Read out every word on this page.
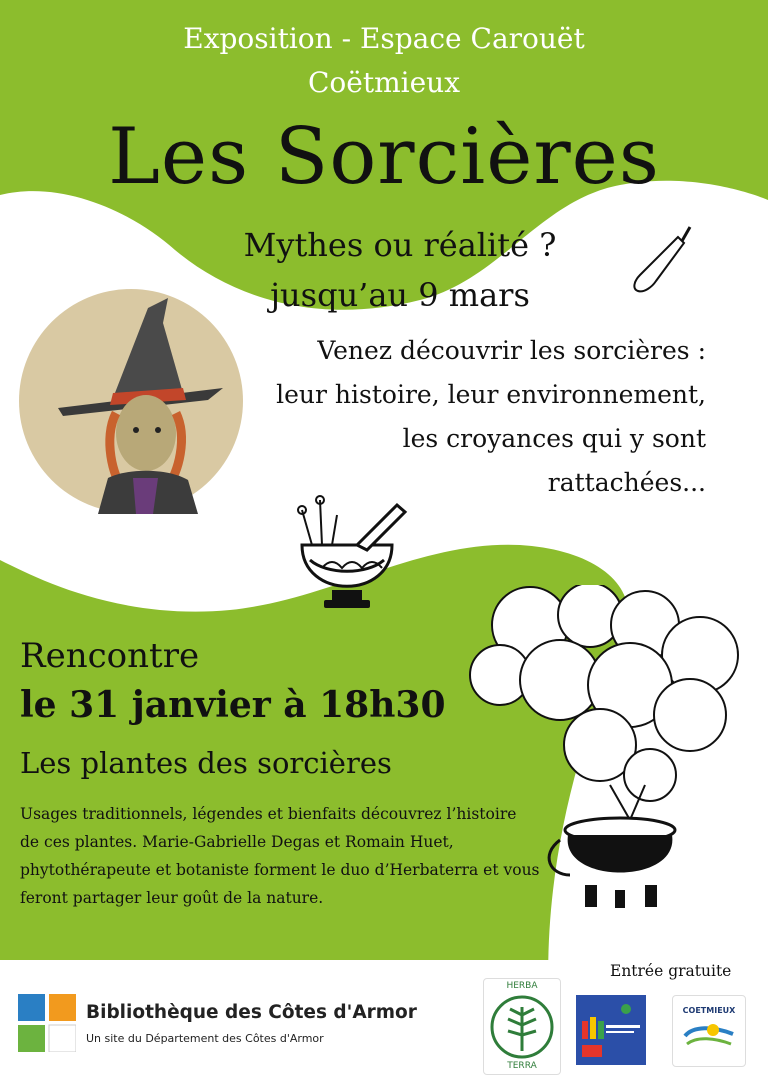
Exposition - Espace Carouët
Coëtmieux
Les Sorcières
Mythes ou réalité ?
jusqu’au 9 mars
Venez découvrir les sorcières :
leur histoire, leur environnement,
les croyances qui y sont
rattachées...
Rencontre
le 31 janvier à 18h30
Les plantes des sorcières
Usages traditionnels, légendes et bienfaits découvrez l’histoire de ces plantes. Marie-Gabrielle Degas et Romain Huet, phytothérapeute et botaniste forment le duo d’Herbaterra et vous feront partager leur goût de la nature.
Entrée gratuite
Bibliothèque des Côtes d'Armor
Un site du Département des Côtes d'Armor
HERBA
TERRA
COETMIEUX
